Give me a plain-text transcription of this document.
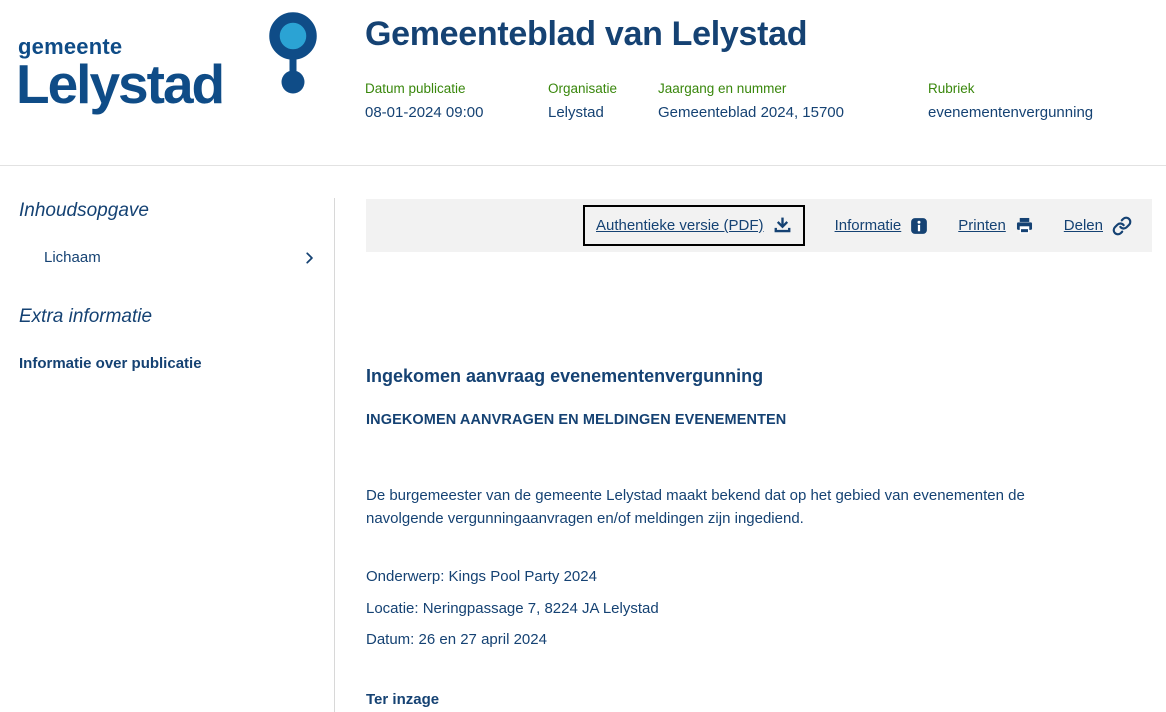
gemeente
Lelystad
Gemeenteblad van Lelystad
Datum publicatie
08-01-2024 09:00
Organisatie
Lelystad
Jaargang en nummer
Gemeenteblad 2024, 15700
Rubriek
evenementenvergunning
Inhoudsopgave
Lichaam
Extra informatie
Informatie over publicatie
Authentieke versie (PDF)	Informatie	Printen	Delen
Ingekomen aanvraag evenementenvergunning
INGEKOMEN AANVRAGEN EN MELDINGEN EVENEMENTEN

De burgemeester van de gemeente Lelystad maakt bekend dat op het gebied van evenementen de navolgende vergunningaanvragen en/of meldingen zijn ingediend.

Onderwerp: Kings Pool Party 2024

Locatie: Neringpassage 7, 8224 JA Lelystad

Datum: 26 en 27 april 2024

Ter inzage
